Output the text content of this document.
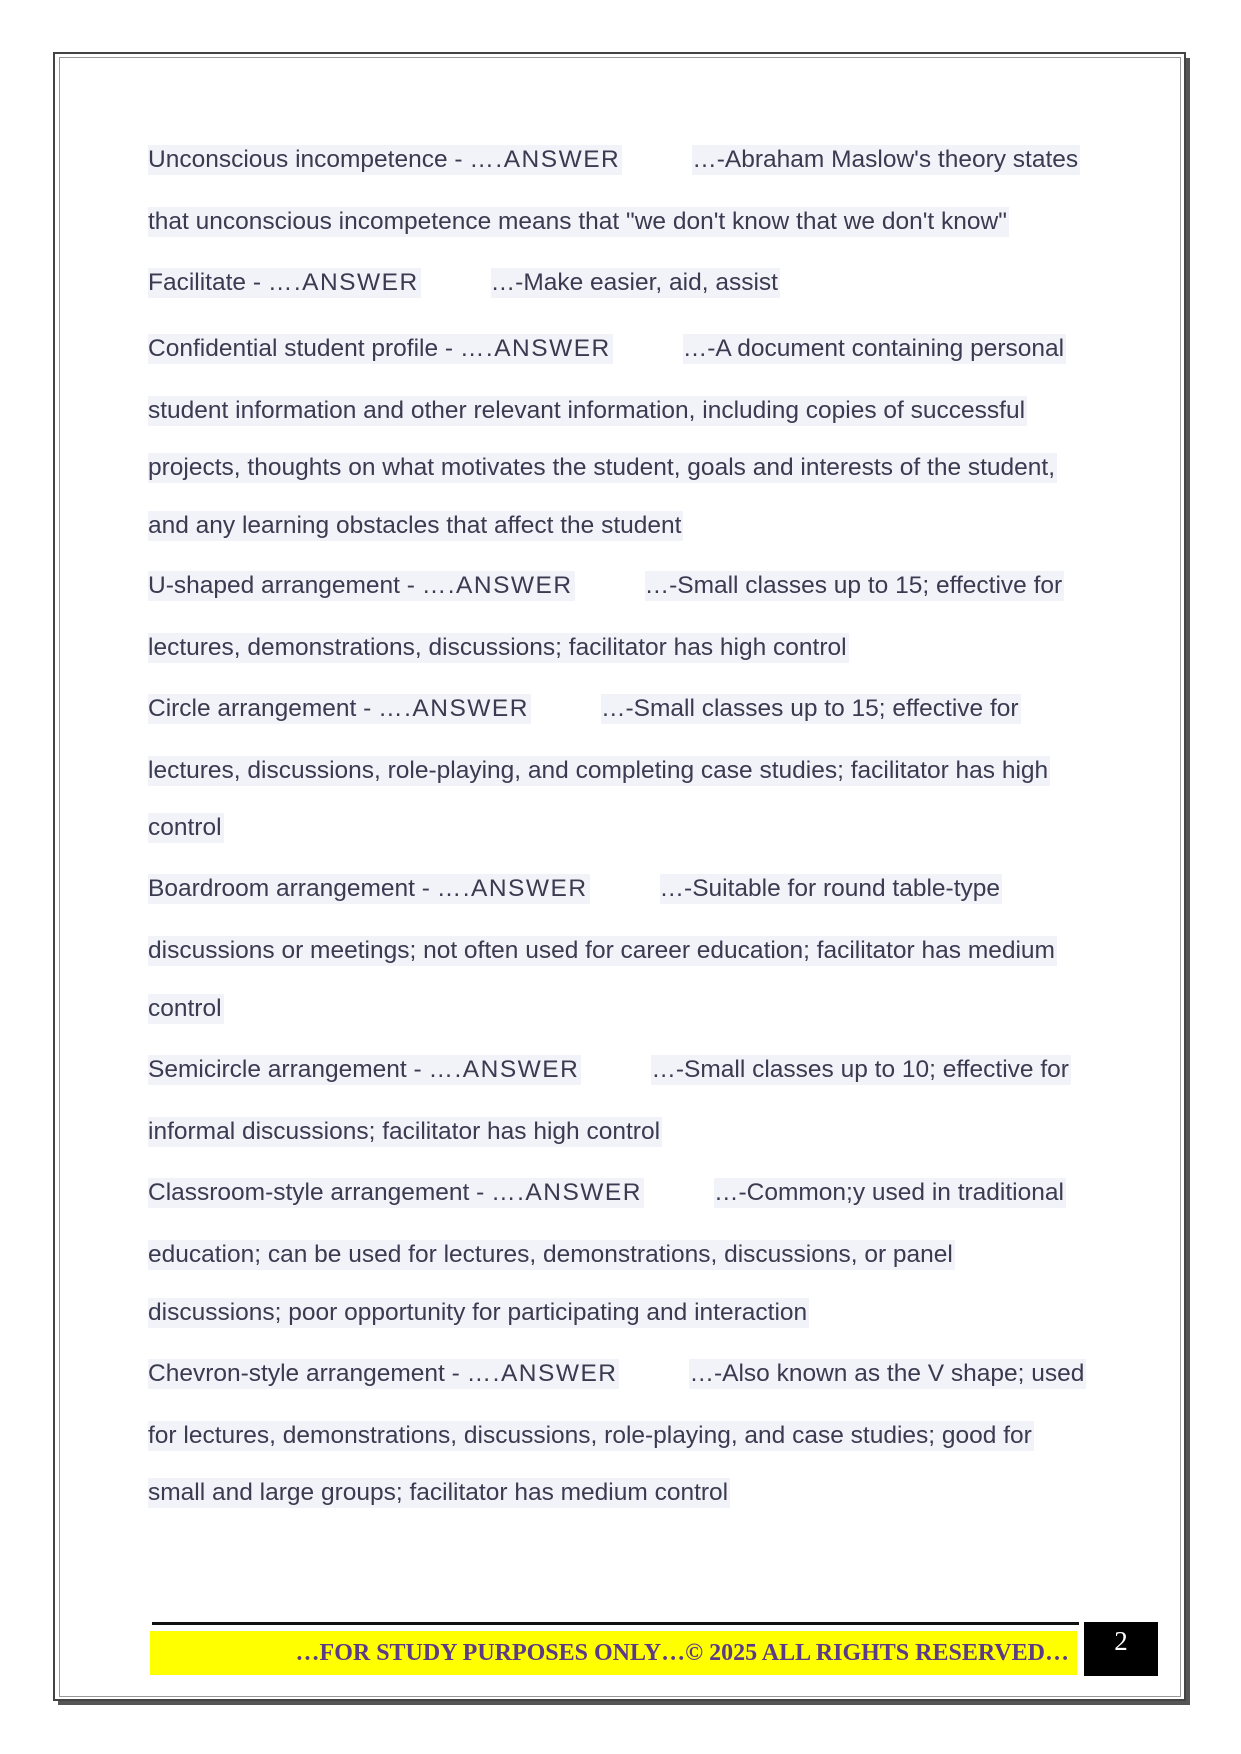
Unconscious incompetence - ….ANSWER	…-Abraham Maslow's theory states
that unconscious incompetence means that "we don't know that we don't know"
Facilitate - ….ANSWER	…-Make easier, aid, assist
Confidential student profile - ….ANSWER	…-A document containing personal
student information and other relevant information, including copies of successful
projects, thoughts on what motivates the student, goals and interests of the student,
and any learning obstacles that affect the student
U-shaped arrangement - ….ANSWER	…-Small classes up to 15; effective for
lectures, demonstrations, discussions; facilitator has high control
Circle arrangement - ….ANSWER	…-Small classes up to 15; effective for
lectures, discussions, role-playing, and completing case studies; facilitator has high
control
Boardroom arrangement - ….ANSWER	…-Suitable for round table-type
discussions or meetings; not often used for career education; facilitator has medium
control
Semicircle arrangement - ….ANSWER	…-Small classes up to 10; effective for
informal discussions; facilitator has high control
Classroom-style arrangement - ….ANSWER	…-Common;y used in traditional
education; can be used for lectures, demonstrations, discussions, or panel
discussions; poor opportunity for participating and interaction
Chevron-style arrangement - ….ANSWER	…-Also known as the V shape; used
for lectures, demonstrations, discussions, role-playing, and case studies; good for
small and large groups; facilitator has medium control
…FOR STUDY PURPOSES ONLY…© 2025 ALL RIGHTS RESERVED…	2
